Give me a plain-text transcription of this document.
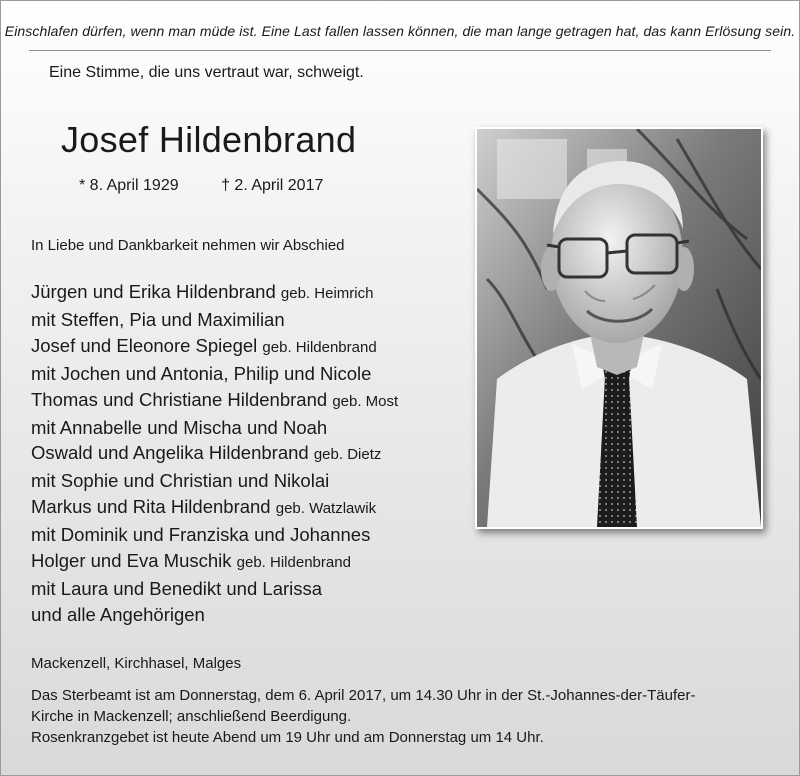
Einschlafen dürfen, wenn man müde ist. Eine Last fallen lassen können, die man lange getragen hat, das kann Erlösung sein.
Eine Stimme, die uns vertraut war, schweigt.
Josef Hildenbrand
* 8. April 1929	† 2. April 2017
In Liebe und Dankbarkeit nehmen wir Abschied
Jürgen und Erika Hildenbrand geb. Heimrich
mit Steffen, Pia und Maximilian
Josef und Eleonore Spiegel geb. Hildenbrand
mit Jochen und Antonia, Philip und Nicole
Thomas und Christiane Hildenbrand geb. Most
mit Annabelle und Mischa und Noah
Oswald und Angelika Hildenbrand geb. Dietz
mit Sophie und Christian und Nikolai
Markus und Rita Hildenbrand geb. Watzlawik
mit Dominik und Franziska und Johannes
Holger und Eva Muschik geb. Hildenbrand
mit Laura und Benedikt und Larissa
und alle Angehörigen
Mackenzell, Kirchhasel, Malges
Das Sterbeamt ist am Donnerstag, dem 6. April 2017, um 14.30 Uhr in der St.-Johannes-der-Täufer-
Kirche in Mackenzell; anschließend Beerdigung.
Rosenkranzgebet ist heute Abend um 19 Uhr und am Donnerstag um 14 Uhr.
